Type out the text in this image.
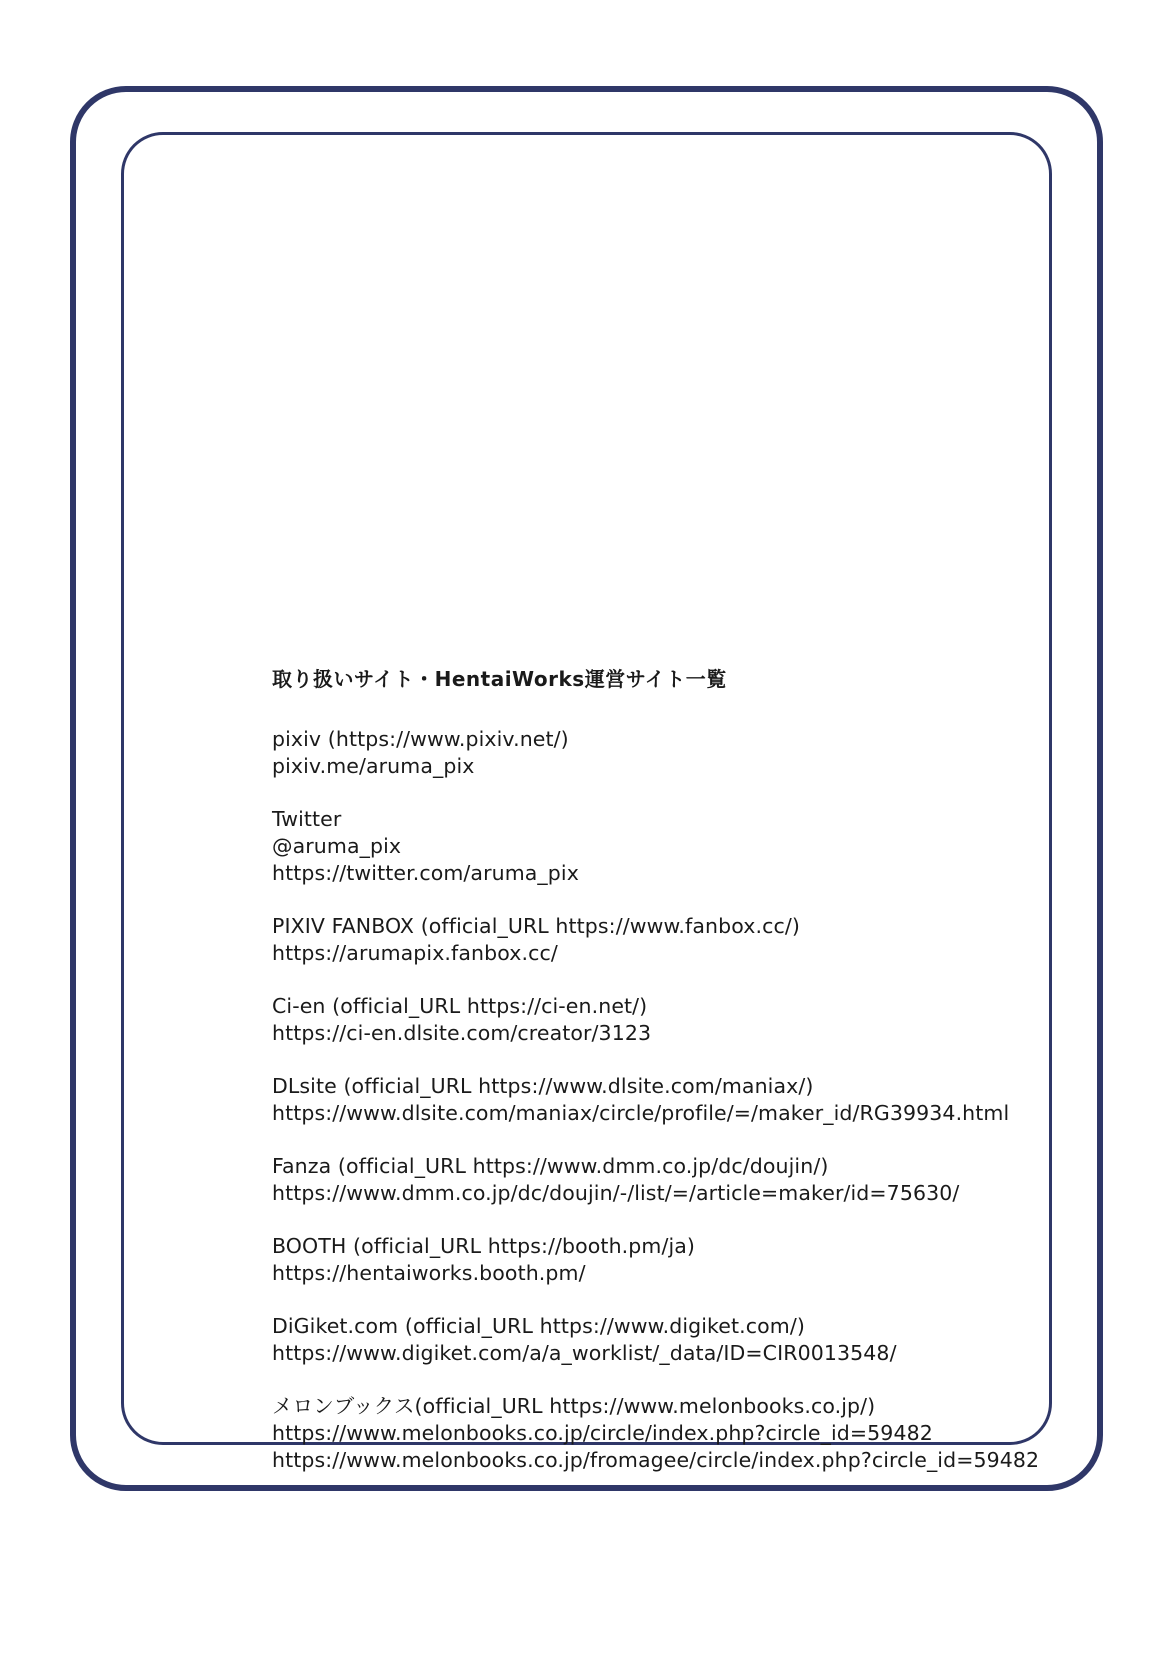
取り扱いサイト・HentaiWorks運営サイト一覧
pixiv (https://www.pixiv.net/)
pixiv.me/aruma_pix
Twitter
@aruma_pix
https://twitter.com/aruma_pix
PIXIV FANBOX (official_URL https://www.fanbox.cc/)
https://arumapix.fanbox.cc/
Ci-en (official_URL https://ci-en.net/)
https://ci-en.dlsite.com/creator/3123
DLsite (official_URL https://www.dlsite.com/maniax/)
https://www.dlsite.com/maniax/circle/profile/=/maker_id/RG39934.html
Fanza (official_URL https://www.dmm.co.jp/dc/doujin/)
https://www.dmm.co.jp/dc/doujin/-/list/=/article=maker/id=75630/
BOOTH (official_URL https://booth.pm/ja)
https://hentaiworks.booth.pm/
DiGiket.com (official_URL https://www.digiket.com/)
https://www.digiket.com/a/a_worklist/_data/ID=CIR0013548/
メロンブックス(official_URL https://www.melonbooks.co.jp/)
https://www.melonbooks.co.jp/circle/index.php?circle_id=59482
https://www.melonbooks.co.jp/fromagee/circle/index.php?circle_id=59482
